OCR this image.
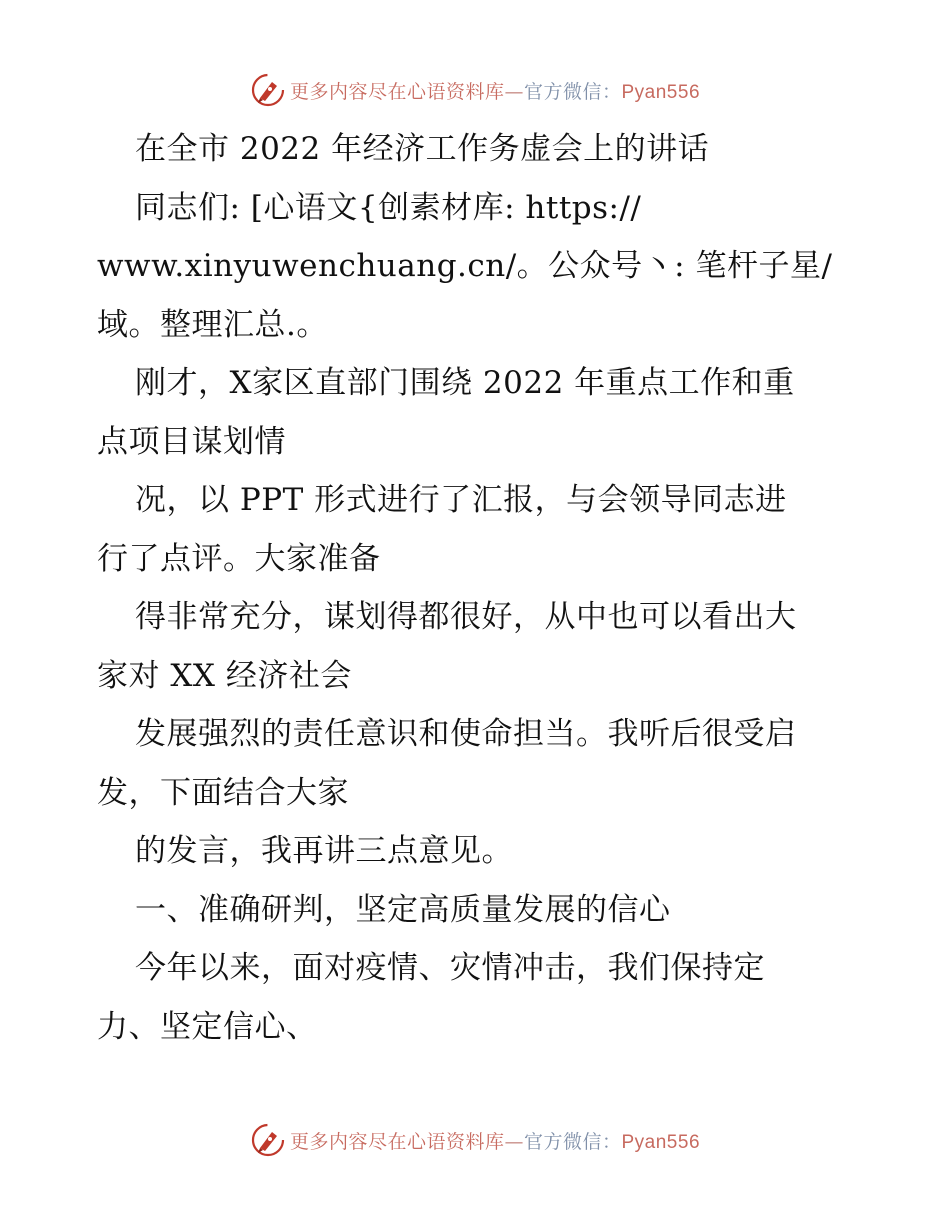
更多内容尽在心语资料库—官方微信：Pyan556
在全市 2022 年经济工作务虚会上的讲话
同志们: [心语文{创素材库: https://
www.xinyuwenchuang.cn/。公众号丶: 笔杆子星/
域。整理汇总.。
刚才，X家区直部门围绕 2022 年重点工作和重
点项目谋划情
况，以 PPT 形式进行了汇报，与会领导同志进
行了点评。大家准备
得非常充分，谋划得都很好，从中也可以看出大
家对 XX 经济社会
发展强烈的责任意识和使命担当。我听后很受启
发，下面结合大家
的发言，我再讲三点意见。
一、准确研判，坚定高质量发展的信心
今年以来，面对疫情、灾情冲击，我们保持定
力、坚定信心、
更多内容尽在心语资料库—官方微信：Pyan556
